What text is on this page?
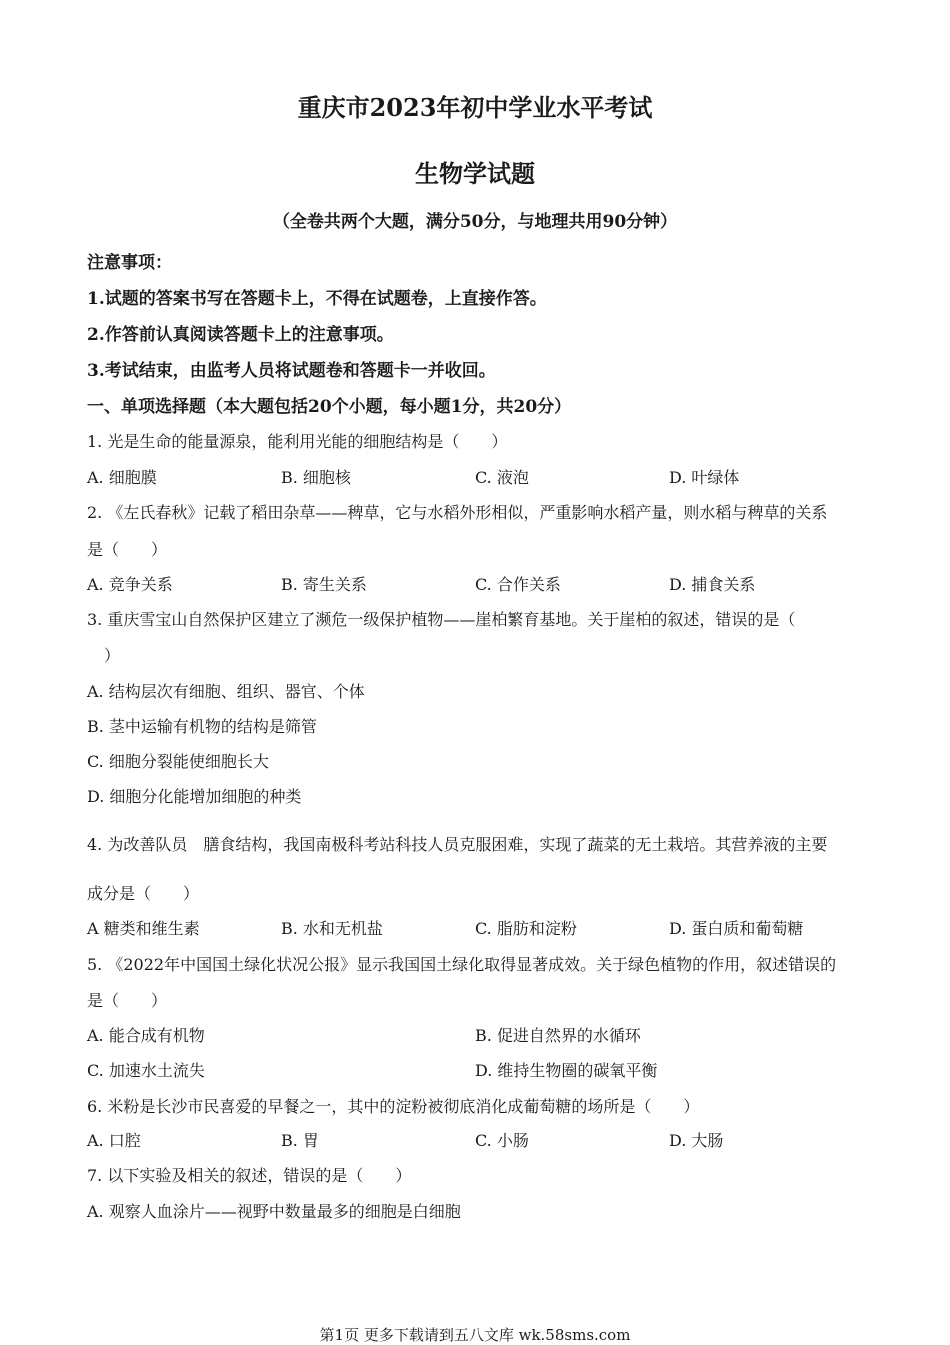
重庆市2023年初中学业水平考试
生物学试题
（全卷共两个大题，满分50分，与地理共用90分钟）
注意事项：
1.试题的答案书写在答题卡上，不得在试题卷，上直接作答。
2.作答前认真阅读答题卡上的注意事项。
3.考试结束，由监考人员将试题卷和答题卡一并收回。
一、单项选择题（本大题包括20个小题，每小题1分，共20分）
1. 光是生命的能量源泉，能利用光能的细胞结构是（　　）
A. 细胞膜	B. 细胞核	C. 液泡	D. 叶绿体
2. 《左氏春秋》记载了稻田杂草——稗草，它与水稻外形相似，严重影响水稻产量，则水稻与稗草的关系
是（　　）
A. 竞争关系	B. 寄生关系	C. 合作关系	D. 捕食关系
3. 重庆雪宝山自然保护区建立了濒危一级保护植物——崖柏繁育基地。关于崖柏的叙述，错误的是（
）
A. 结构层次有细胞、组织、器官、个体
B. 茎中运输有机物的结构是筛管
C. 细胞分裂能使细胞长大
D. 细胞分化能增加细胞的种类
4. 为改善队员　膳食结构，我国南极科考站科技人员克服困难，实现了蔬菜的无土栽培。其营养液的主要
成分是（　　）
A 糖类和维生素	B. 水和无机盐	C. 脂肪和淀粉	D. 蛋白质和葡萄糖
5. 《2022年中国国土绿化状况公报》显示我国国土绿化取得显著成效。关于绿色植物的作用，叙述错误的
是（　　）
A. 能合成有机物	B. 促进自然界的水循环
C. 加速水土流失	D. 维持生物圈的碳氧平衡
6. 米粉是长沙市民喜爱的早餐之一，其中的淀粉被彻底消化成葡萄糖的场所是（　　）
A. 口腔	B. 胃	C. 小肠	D. 大肠
7. 以下实验及相关的叙述，错误的是（　　）
A. 观察人血涂片——视野中数量最多的细胞是白细胞
第1页 更多下载请到五八文库 wk.58sms.com
